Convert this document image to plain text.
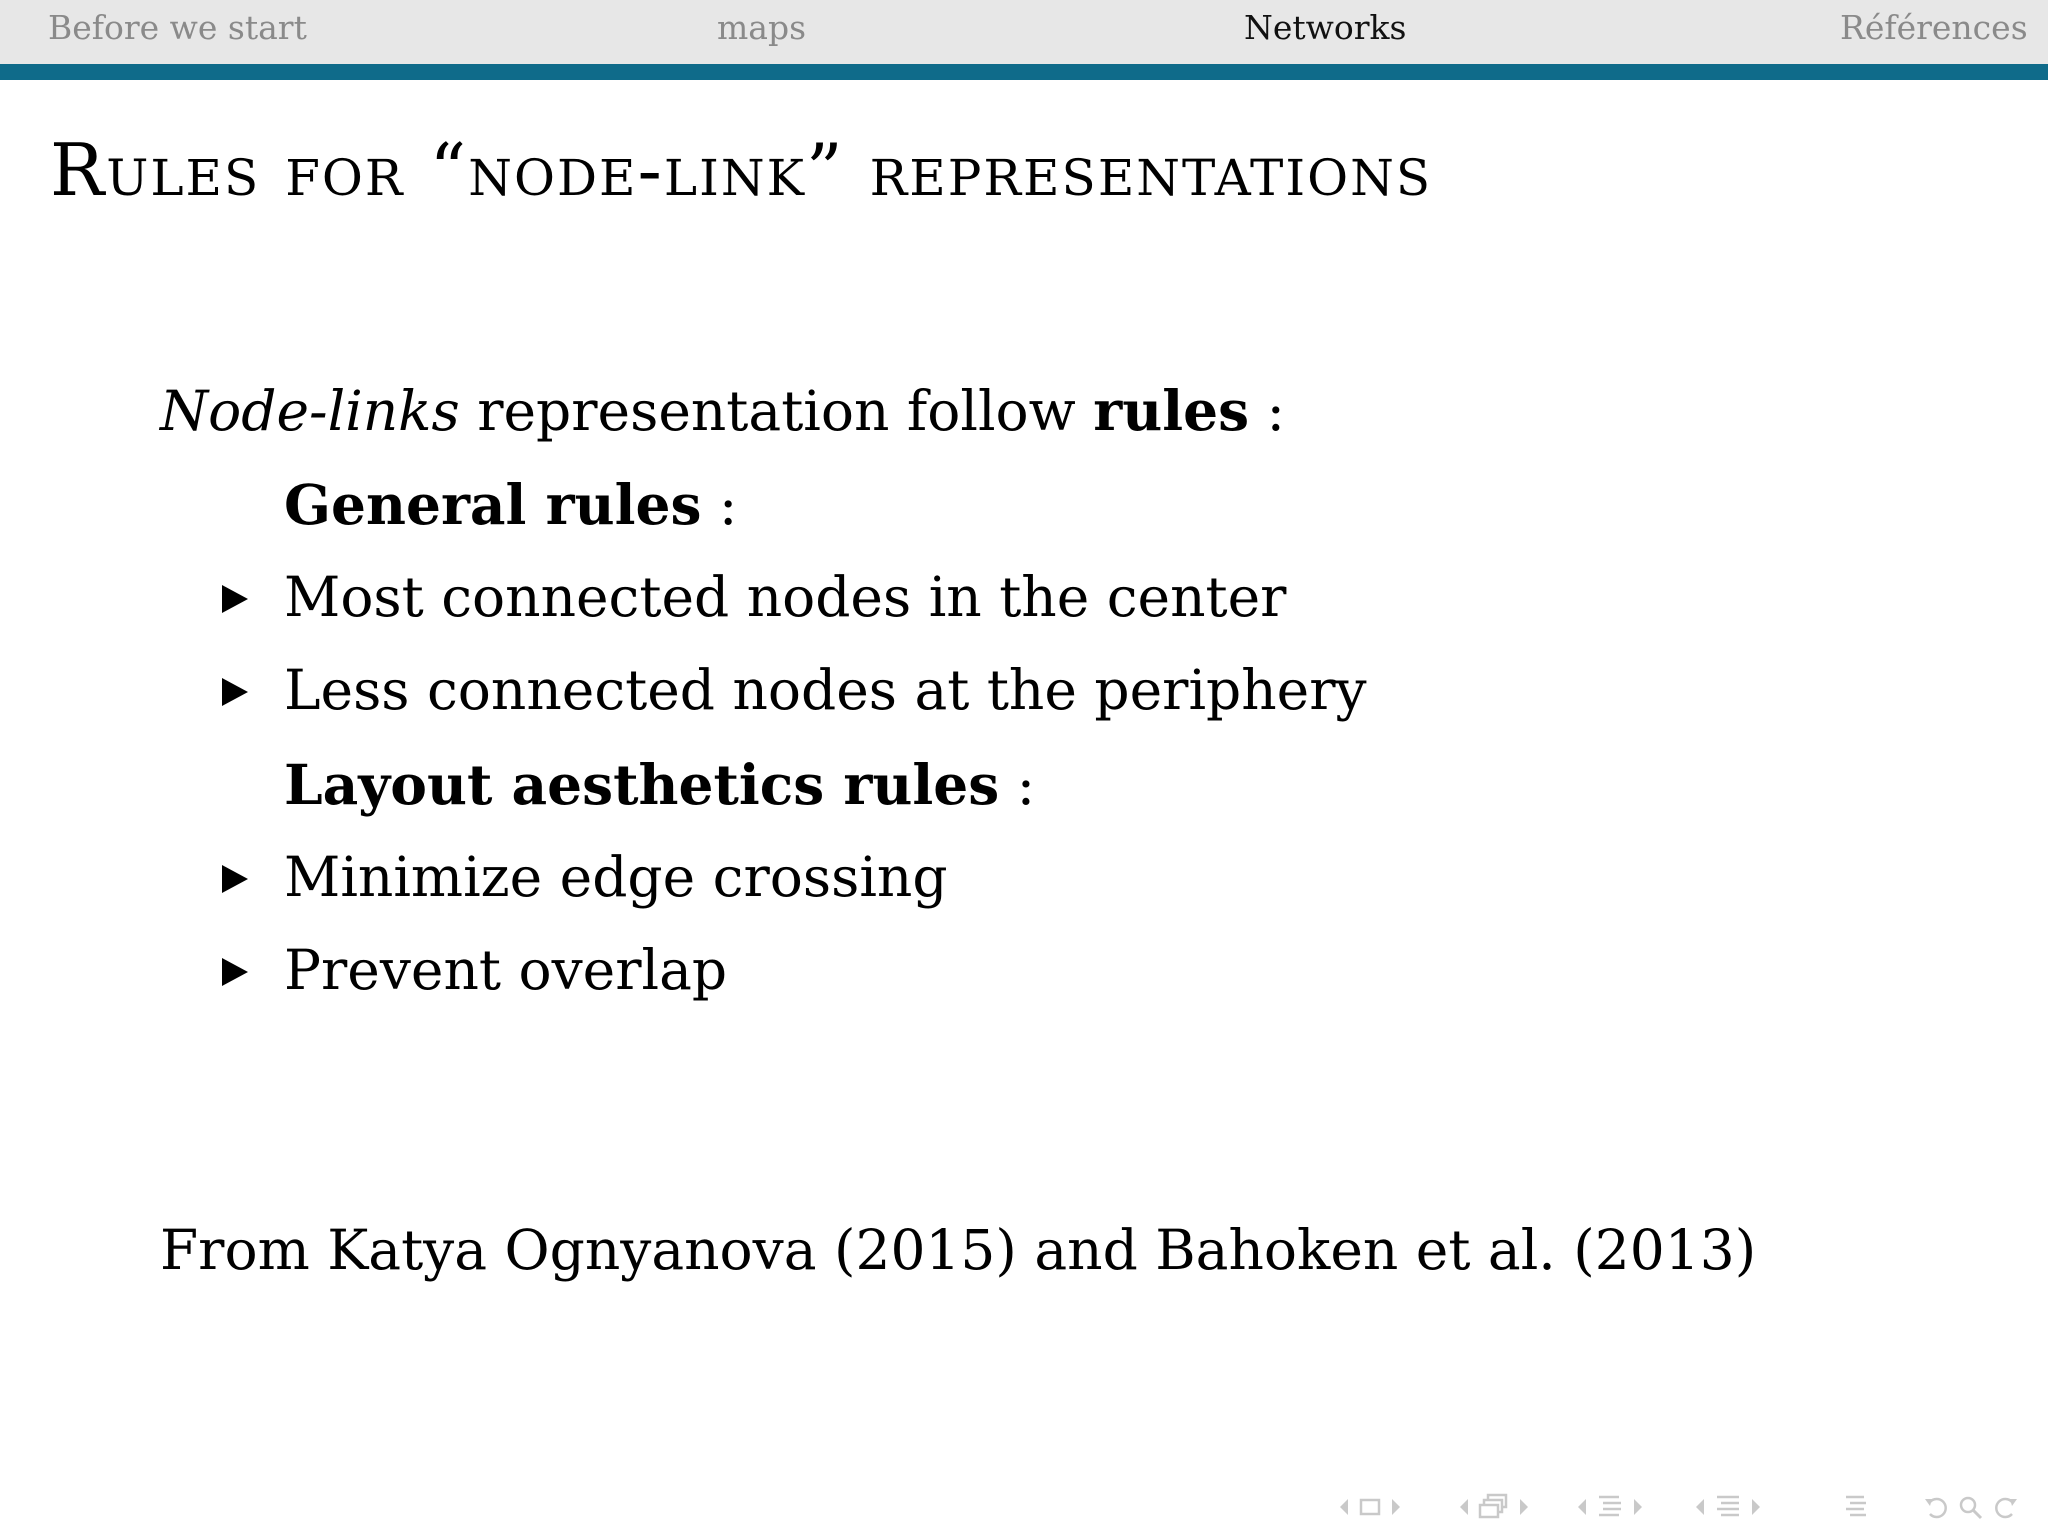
Before we start	maps	Networks	Références
Rules for “node-link” representations
Node-links representation follow rules :
General rules :
Most connected nodes in the center
Less connected nodes at the periphery
Layout aesthetics rules :
Minimize edge crossing
Prevent overlap
From Katya Ognyanova (2015) and Bahoken et al. (2013)
